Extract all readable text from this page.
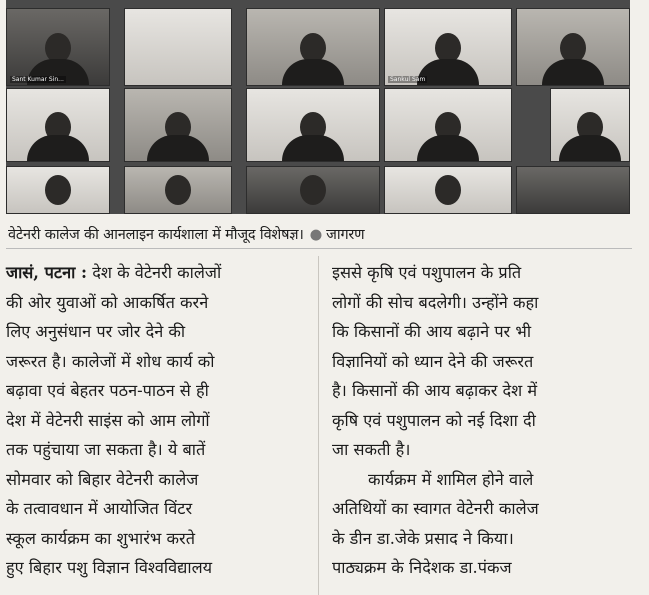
Sant Kumar Sin...	Sankul Sam
वेटेनरी कालेज की आनलाइन कार्यशाला में मौजूद विशेषज्ञ। ● जागरण
जासं, पटना : देश के वेटेनरी कालेजों
की ओर युवाओं को आकर्षित करने
लिए अनुसंधान पर जोर देने की
जरूरत है। कालेजों में शोध कार्य को
बढ़ावा एवं बेहतर पठन-पाठन से ही
देश में वेटेनरी साइंस को आम लोगों
तक पहुंचाया जा सकता है। ये बातें
सोमवार को बिहार वेटेनरी कालेज
के तत्वावधान में आयोजित विंटर
स्कूल कार्यक्रम का शुभारंभ करते
हुए बिहार पशु विज्ञान विश्वविद्यालय
इससे कृषि एवं पशुपालन के प्रति
लोगों की सोच बदलेगी। उन्होंने कहा
कि किसानों की आय बढ़ाने पर भी
विज्ञानियों को ध्यान देने की जरूरत
है। किसानों की आय बढ़ाकर देश में
कृषि एवं पशुपालन को नई दिशा दी
जा सकती है।
कार्यक्रम में शामिल होने वाले
अतिथियों का स्वागत वेटेनरी कालेज
के डीन डा.जेके प्रसाद ने किया।
पाठ्यक्रम के निदेशक डा.पंकज
